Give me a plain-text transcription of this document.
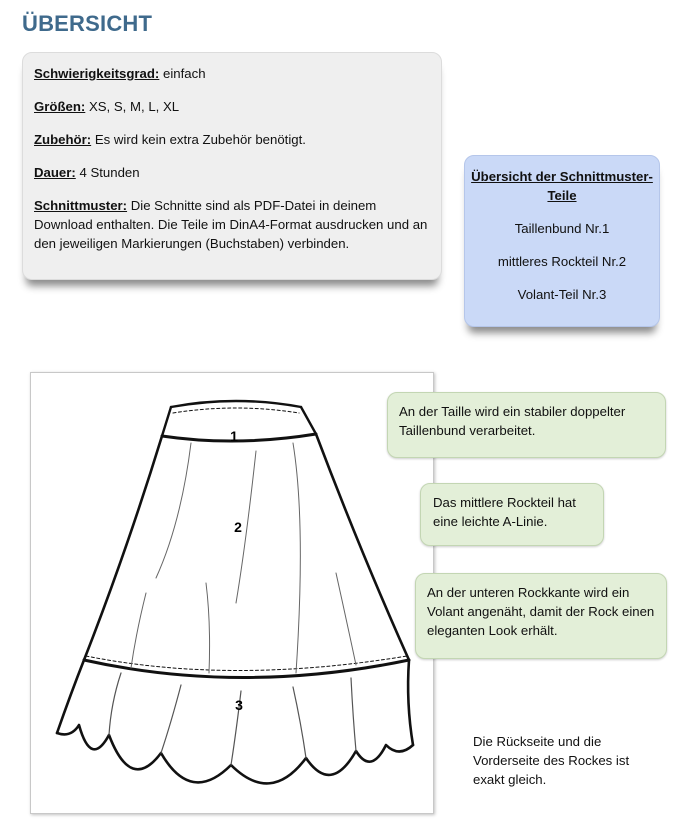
ÜBERSICHT

Schwierigkeitsgrad: einfach

Größen: XS, S, M, L, XL

Zubehör: Es wird kein extra Zubehör benötigt.

Dauer: 4 Stunden

Schnittmuster: Die Schnitte sind als PDF-Datei in deinem Download enthalten. Die Teile im DinA4-Format ausdrucken und an den jeweiligen Markierungen (Buchstaben) verbinden.

Übersicht der Schnittmuster- Teile
Taillenbund Nr.1
mittleres Rockteil Nr.2
Volant-Teil Nr.3
1
2
3
An der Taille wird ein stabiler doppelter Taillenbund verarbeitet.
Das mittlere Rockteil hat eine leichte A-Linie.
An der unteren Rockkante wird ein Volant angenäht, damit der Rock einen eleganten Look erhält.
Die Rückseite und die Vorderseite des Rockes ist exakt gleich.
